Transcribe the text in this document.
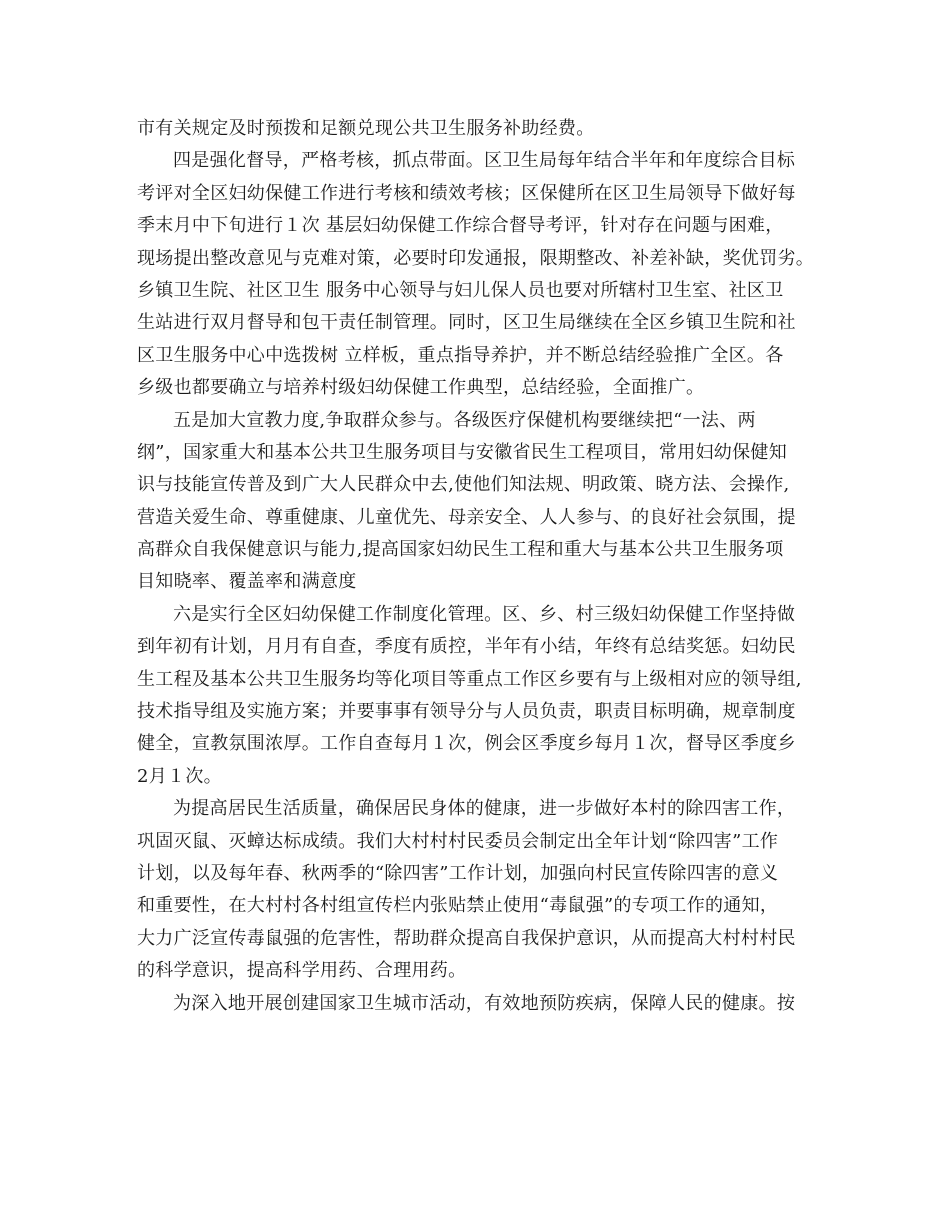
市有关规定及时预拨和足额兑现公共卫生服务补助经费。
四是强化督导，严格考核，抓点带面。区卫生局每年结合半年和年度综合目标
考评对全区妇幼保健工作进行考核和绩效考核；区保健所在区卫生局领导下做好每
季末月中下旬进行１次 基层妇幼保健工作综合督导考评，针对存在问题与困难，
现场提出整改意见与克难对策，必要时印发通报，限期整改、补差补缺，奖优罚劣。
乡镇卫生院、社区卫生 服务中心领导与妇儿保人员也要对所辖村卫生室、社区卫
生站进行双月督导和包干责任制管理。同时，区卫生局继续在全区乡镇卫生院和社
区卫生服务中心中选拨树 立样板，重点指导养护，并不断总结经验推广全区。各
乡级也都要确立与培养村级妇幼保健工作典型，总结经验，全面推广。
五是加大宣教力度,争取群众参与。各级医疗保健机构要继续把“一法、两
纲”，国家重大和基本公共卫生服务项目与安徽省民生工程项目，常用妇幼保健知
识与技能宣传普及到广大人民群众中去,使他们知法规、明政策、晓方法、会操作,
营造关爱生命、尊重健康、儿童优先、母亲安全、人人参与、的良好社会氛围，提
高群众自我保健意识与能力,提高国家妇幼民生工程和重大与基本公共卫生服务项
目知晓率、覆盖率和满意度
六是实行全区妇幼保健工作制度化管理。区、乡、村三级妇幼保健工作坚持做
到年初有计划，月月有自查，季度有质控，半年有小结，年终有总结奖惩。妇幼民
生工程及基本公共卫生服务均等化项目等重点工作区乡要有与上级相对应的领导组,
技术指导组及实施方案；并要事事有领导分与人员负责，职责目标明确，规章制度
健全，宣教氛围浓厚。工作自查每月１次，例会区季度乡每月１次，督导区季度乡
2月１次。
为提高居民生活质量，确保居民身体的健康，进一步做好本村的除四害工作，
巩固灭鼠、灭蟑达标成绩。我们大村村村民委员会制定出全年计划“除四害”工作
计划，以及每年春、秋两季的“除四害”工作计划，加强向村民宣传除四害的意义
和重要性，在大村村各村组宣传栏内张贴禁止使用“毒鼠强”的专项工作的通知，
大力广泛宣传毒鼠强的危害性，帮助群众提高自我保护意识，从而提高大村村村民
的科学意识，提高科学用药、合理用药。
为深入地开展创建国家卫生城市活动，有效地预防疾病，保障人民的健康。按
